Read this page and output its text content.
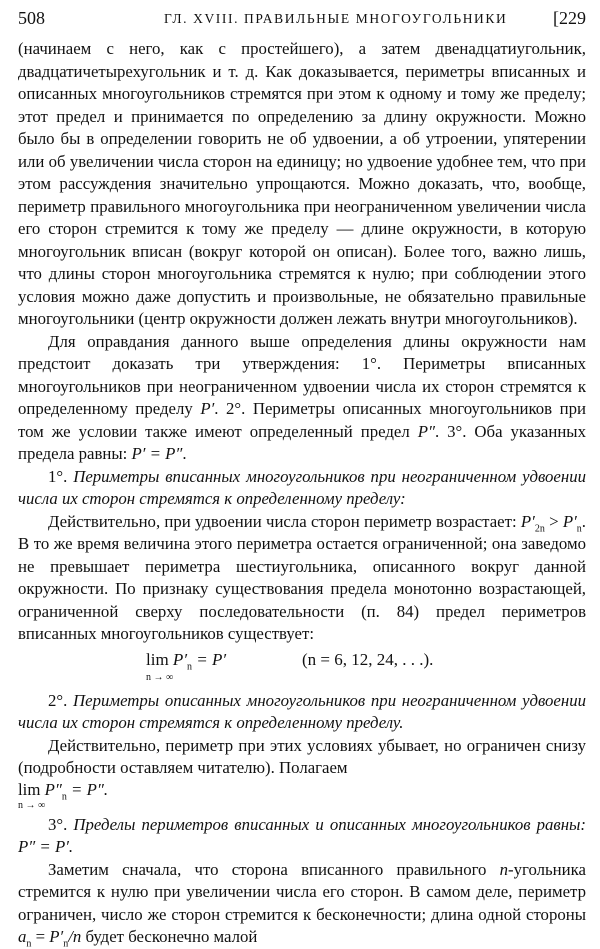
508	ГЛ. XVIII. ПРАВИЛЬНЫЕ МНОГОУГОЛЬНИКИ	[229

(начинаем с него, как с простейшего), а затем двенадцатиугольник, двадцатичетырехугольник и т. д. Как доказывается, периметры вписанных и описанных многоугольников стремятся при этом к одному и тому же пределу; этот предел и принимается по определению за длину окружности. Можно было бы в определении говорить не об удвоении, а об утроении, упятерении или об увеличении числа сторон на единицу; но удвоение удобнее тем, что при этом рассуждения значительно упрощаются. Можно доказать, что, вообще, периметр правильного многоугольника при неограниченном увеличении числа его сторон стремится к тому же пределу — длине окружности, в которую многоугольник вписан (вокруг которой он описан). Более того, важно лишь, что длины сторон многоугольника стремятся к нулю; при соблюдении этого условия можно даже допустить и произвольные, не обязательно правильные многоугольники (центр окружности должен лежать внутри многоугольников).

Для оправдания данного выше определения длины окружности нам предстоит доказать три утверждения: 1°. Периметры вписанных многоугольников при неограниченном удвоении числа их сторон стремятся к определенному пределу P′. 2°. Периметры описанных многоугольников при том же условии также имеют определенный предел P″. 3°. Оба указанных предела равны: P′ = P″.

1°. Периметры вписанных многоугольников при неограниченном удвоении числа их сторон стремятся к определенному пределу:

Действительно, при удвоении числа сторон периметр возрастает: $P'_{2n} > P'_n$. В то же время величина этого периметра остается ограниченной; она заведомо не превышает периметра шестиугольника, описанного вокруг данной окружности. По признаку существования предела монотонно возрастающей, ограниченной сверху последовательности (п. 84) предел периметров вписанных многоугольников существует:

$\lim P'_n = P'$
n → ∞
(n = 6, 12, 24, . . .).

2°. Периметры описанных многоугольников при неограниченном удвоении числа их сторон стремятся к определенному пределу.

Действительно, периметр при этих условиях убывает, но ограничен снизу (подробности оставляем читателю). Полагаем

$\lim P''_n = P''$.
n → ∞

3°. Пределы периметров вписанных и описанных многоугольников равны: P″ = P′.

Заметим сначала, что сторона вписанного правильного n-угольника стремится к нулю при увеличении числа его сторон. В самом деле, периметр ограничен, число же сторон стремится к бесконечности; длина одной стороны $a_n = P'_n/n$ будет бесконечно малой
